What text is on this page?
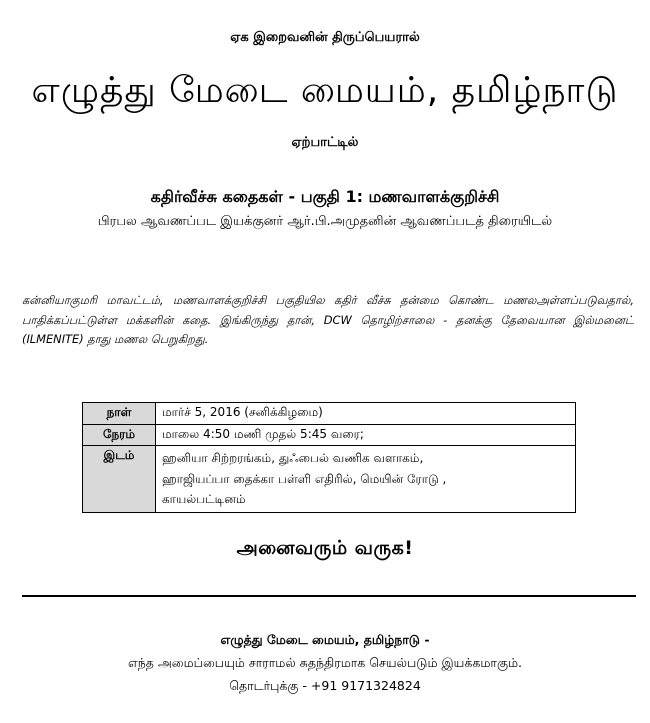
ஏக இறைவனின் திருப்பெயரால்
எழுத்து மேடை மையம், தமிழ்நாடு
ஏற்பாட்டில்
கதிர்வீச்சு கதைகள் - பகுதி 1: மணவாளக்குறிச்சி
பிரபல ஆவணப்பட இயக்குனர் ஆர்.பி.அமுதனின் ஆவணப்படத் திரையிடல்

கன்னியாகுமரி மாவட்டம், மணவாளக்குறிச்சி பகுதியில கதிர் வீச்சு தன்மை கொண்ட மணலஅள்ளப்படுவதால், பாதிக்கப்பட்டுள்ள மக்களின் கதை. இங்கிருந்து தான், DCW தொழிற்சாலை - தனக்கு தேவையான இல்மனைட் (ILMENITE) தாது மணல பெறுகிறது.

நாள்	மார்ச் 5, 2016 (சனிக்கிழமை)
நேரம்	மாலை 4:50 மணி முதல் 5:45 வரை;
இடம்	ஹனியா சிற்றரங்கம், துஃபைல் வணிக வளாகம்,
ஹாஜியப்பா தைக்கா பள்ளி எதிரில், மெயின் ரோடு ,
காயல்பட்டினம்
அனைவரும் வருக!
எழுத்து மேடை மையம், தமிழ்நாடு -
எந்த அமைப்பையும் சாராமல் சுதந்திரமாக செயல்படும் இயக்கமாகும்.
தொடர்புக்கு - +91 9171324824
